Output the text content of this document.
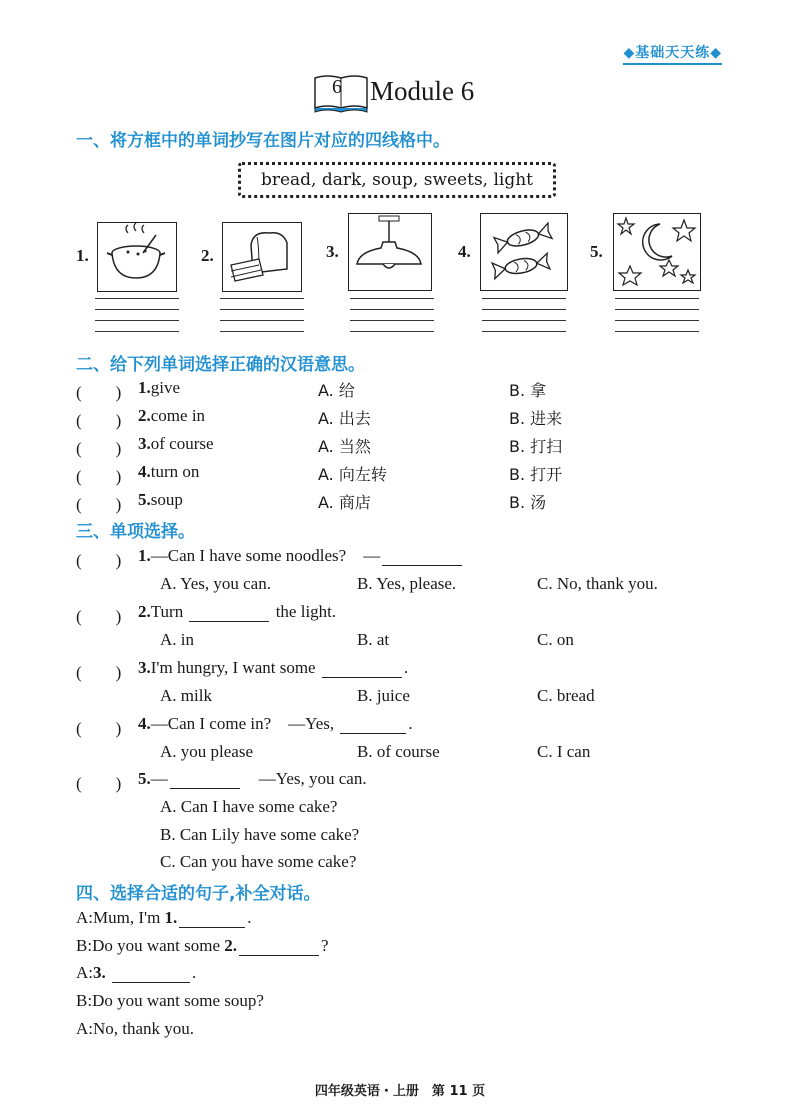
◆基础天天练◆
6 Module 6
一、将方框中的单词抄写在图片对应的四线格中。
bread, dark, soup, sweets, light
1.	2.	3.	4.	5.
二、给下列单词选择正确的汉语意思。
(　　) 1.give	A. 给	B. 拿
(　　) 2.come in	A. 出去	B. 进来
(　　) 3.of course	A. 当然	B. 打扫
(　　) 4.turn on	A. 向左转	B. 打开
(　　) 5.soup	A. 商店	B. 汤
三、单项选择。
(　　) 1.—Can I have some noodles? —
A. Yes, you can.	B. Yes, please.	C. No, thank you.
(　　) 2.Turn	the light.
A. in	B. at	C. on
(　　) 3.I'm hungry, I want some	.
A. milk	B. juice	C. bread
(　　) 4.—Can I come in? —Yes,	.
A. you please	B. of course	C. I can
(　　) 5.—	—Yes, you can.
A. Can I have some cake?
B. Can Lily have some cake?
C. Can you have some cake?
四、选择合适的句子,补全对话。
A:Mum, I'm 1.	.
B:Do you want some 2.	?
A:3.	.
B:Do you want some soup?
A:No, thank you.
四年级英语・上册　第 11 页
